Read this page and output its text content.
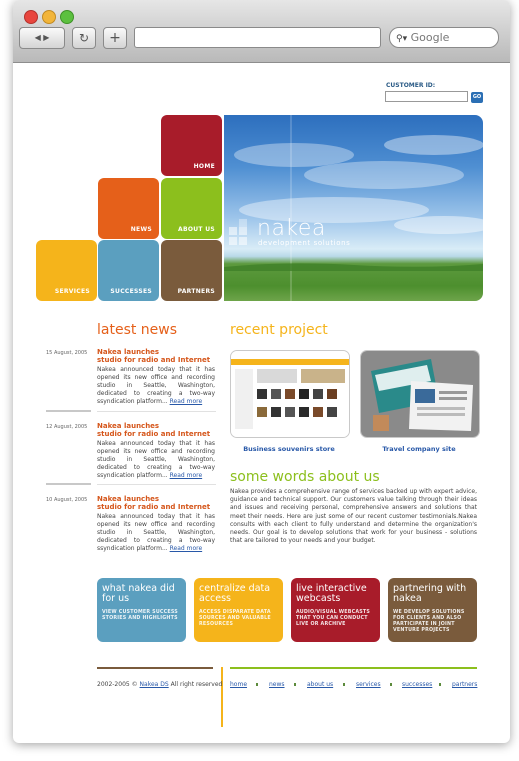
◀ ▶	↻	+	⚲▾ Google
CUSTOMER ID:
GO
HOME
NEWS	ABOUT US
SERVICES	SUCCESSES	PARTNERS
nakea
development solutions
latest news
15 August, 2005 Nakea launches
studio for radio and Internet
Nakea announced today that it has opened its new office and recording studio in Seattle, Washington, dedicated to creating a two-way ssyndication platform... Read more
12 August, 2005 Nakea launches
studio for radio and Internet
Nakea announced today that it has opened its new office and recording studio in Seattle, Washington, dedicated to creating a two-way ssyndication platform... Read more
10 August, 2005 Nakea launches
studio for radio and Internet
Nakea announced today that it has opened its new office and recording studio in Seattle, Washington, dedicated to creating a two-way ssyndication platform... Read more
recent project
Business souvenirs store	Travel company site
some words about us
Nakea provides a comprehensive range of services backed up with expert advice, guidance and technical support. Our customers value talking through their ideas and issues and receiving personal, comprehensive answers and solutions that meet their needs. Here are just some of our recent customer testimonials.Nakea consults with each client to fully understand and determine the organization's needs. Our goal is to develop solutions that work for your business - solutions that are tailored to your needs and your budget.
what nakea did for us
VIEW CUSTOMER SUCCESS STORIES AND HIGHLIGHTS
centralize data access
ACCESS DISPARATE DATA SOURCES AND VALUABLE RESOURCES
live interactive webcasts
AUDIO/VISUAL WEBCASTS THAT YOU CAN CONDUCT LIVE OR ARCHIVE
partnering with nakea
WE DEVELOP SOLUTIONS FOR CLIENTS AND ALSO PARTICIPATE IN JOINT VENTURE PROJECTS
2002-2005 © Nakea DS All right reserved home	news	about us	services	successes	partners
